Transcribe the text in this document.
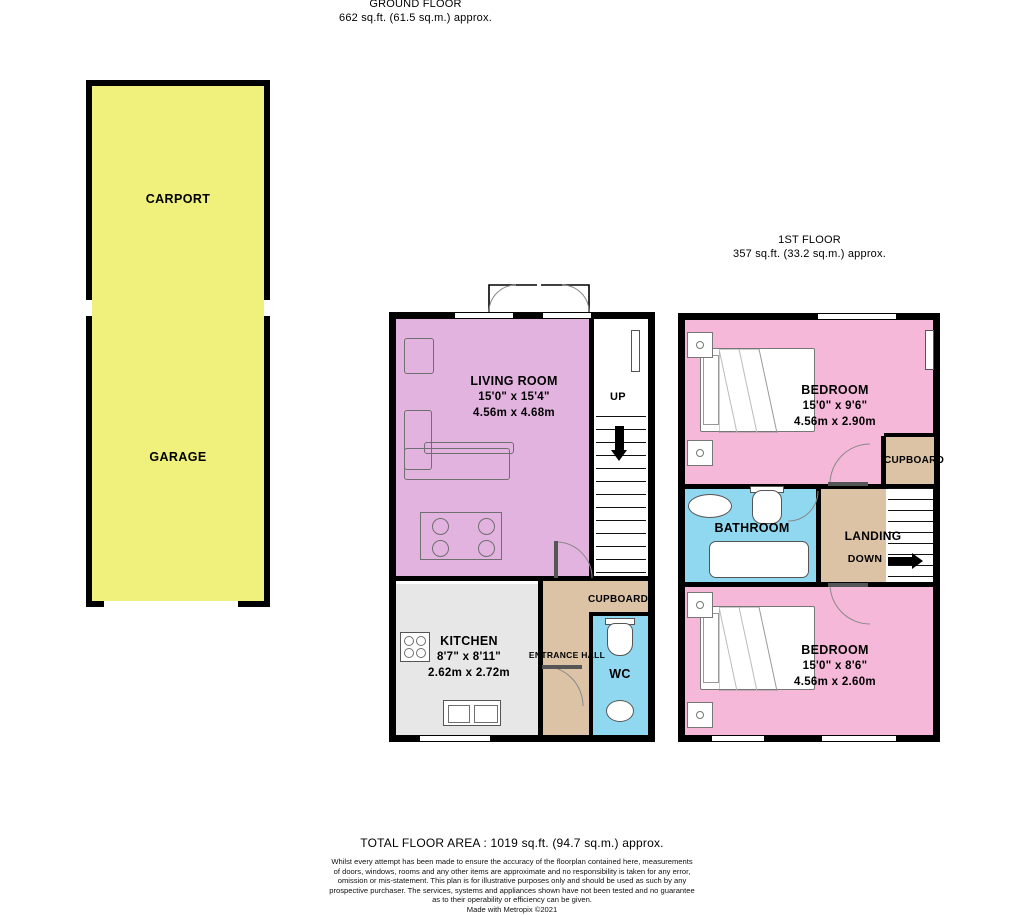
GROUND FLOOR
662 sq.ft. (61.5 sq.m.) approx.
1ST FLOOR
357 sq.ft. (33.2 sq.m.) approx.
CARPORT
GARAGE
UP
LIVING ROOM
15'0" x 15'4"
4.56m x 4.68m
KITCHEN
8'7" x 8'11"
2.62m x 2.72m	WC
ENTRANCE HALL
CUPBOARD
BEDROOM
15'0" x 9'6"
4.56m x 2.90m
BEDROOM
15'0" x 8'6"
4.56m x 2.60m
BATHROOM
LANDING
DOWN
CUPBOARD
TOTAL FLOOR AREA : 1019 sq.ft. (94.7 sq.m.) approx.
Whilst every attempt has been made to ensure the accuracy of the floorplan contained here, measurements
of doors, windows, rooms and any other items are approximate and no responsibility is taken for any error,
omission or mis-statement. This plan is for illustrative purposes only and should be used as such by any
prospective purchaser. The services, systems and appliances shown have not been tested and no guarantee
as to their operability or efficiency can be given.
Made with Metropix ©2021
